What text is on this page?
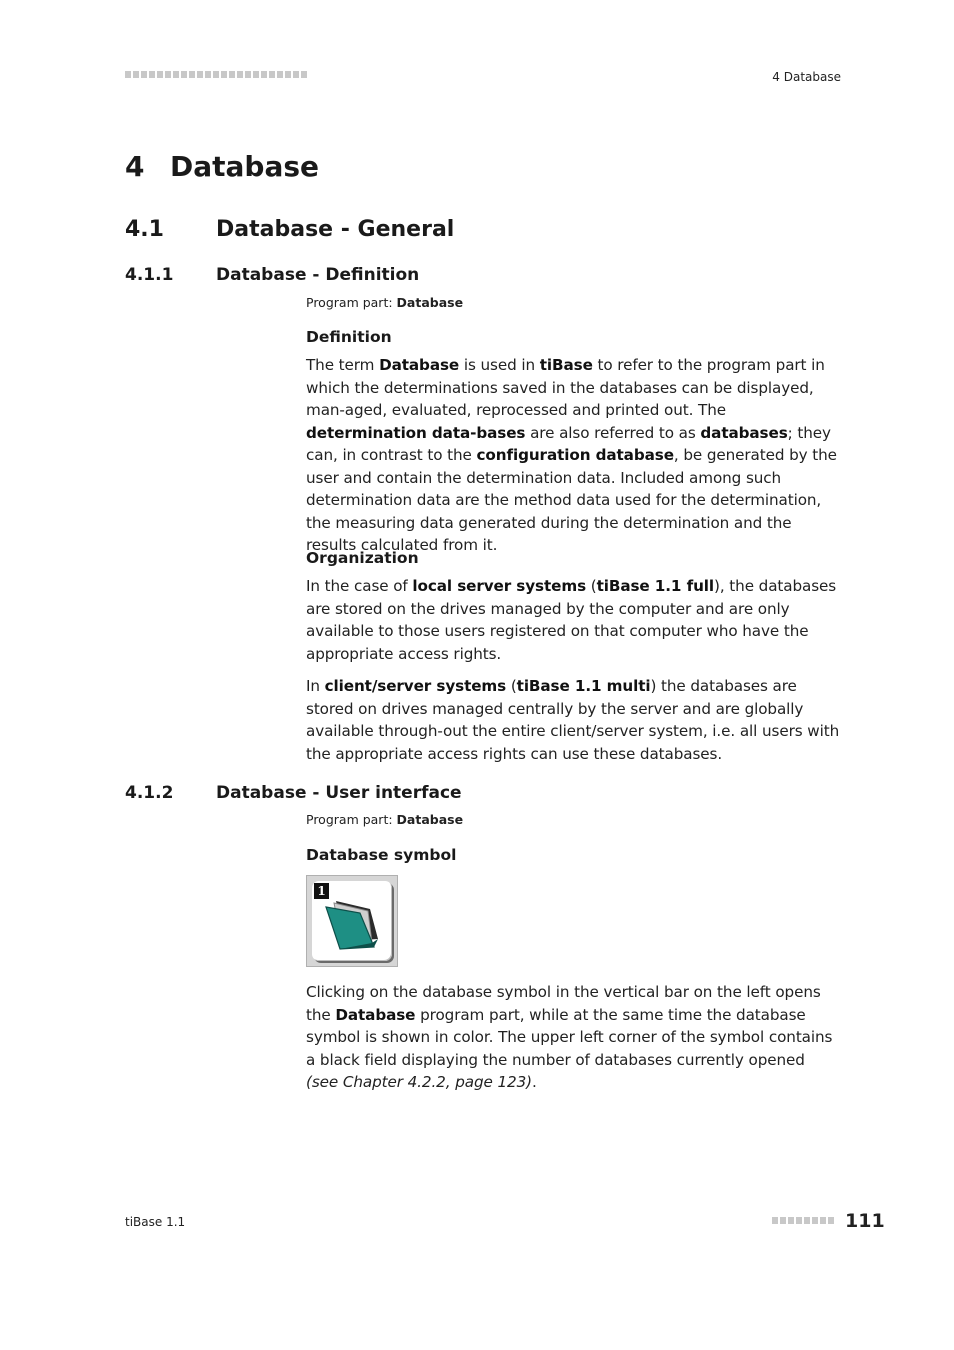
4 Database
4 Database
4.1 Database - General
4.1.1	Database - Definition
Program part: Database
Definition

The term Database is used in tiBase to refer to the program part in which the determinations saved in the databases can be displayed, man-aged, evaluated, reprocessed and printed out. The determination data-bases are also referred to as databases; they can, in contrast to the configuration database, be generated by the user and contain the determination data. Included among such determination data are the method data used for the determination, the measuring data generated during the determination and the results calculated from it.

Organization

In the case of local server systems (tiBase 1.1 full), the databases are stored on the drives managed by the computer and are only available to those users registered on that computer who have the appropriate access rights.

In client/server systems (tiBase 1.1 multi) the databases are stored on drives managed centrally by the server and are globally available through-out the entire client/server system, i.e. all users with the appropriate access rights can use these databases.

4.1.2	Database - User interface
Program part: Database
Database symbol
1

Clicking on the database symbol in the vertical bar on the left opens the Database program part, while at the same time the database symbol is shown in color. The upper left corner of the symbol contains a black field displaying the number of databases currently opened (see Chapter 4.2.2, page 123).

tiBase 1.1	111
